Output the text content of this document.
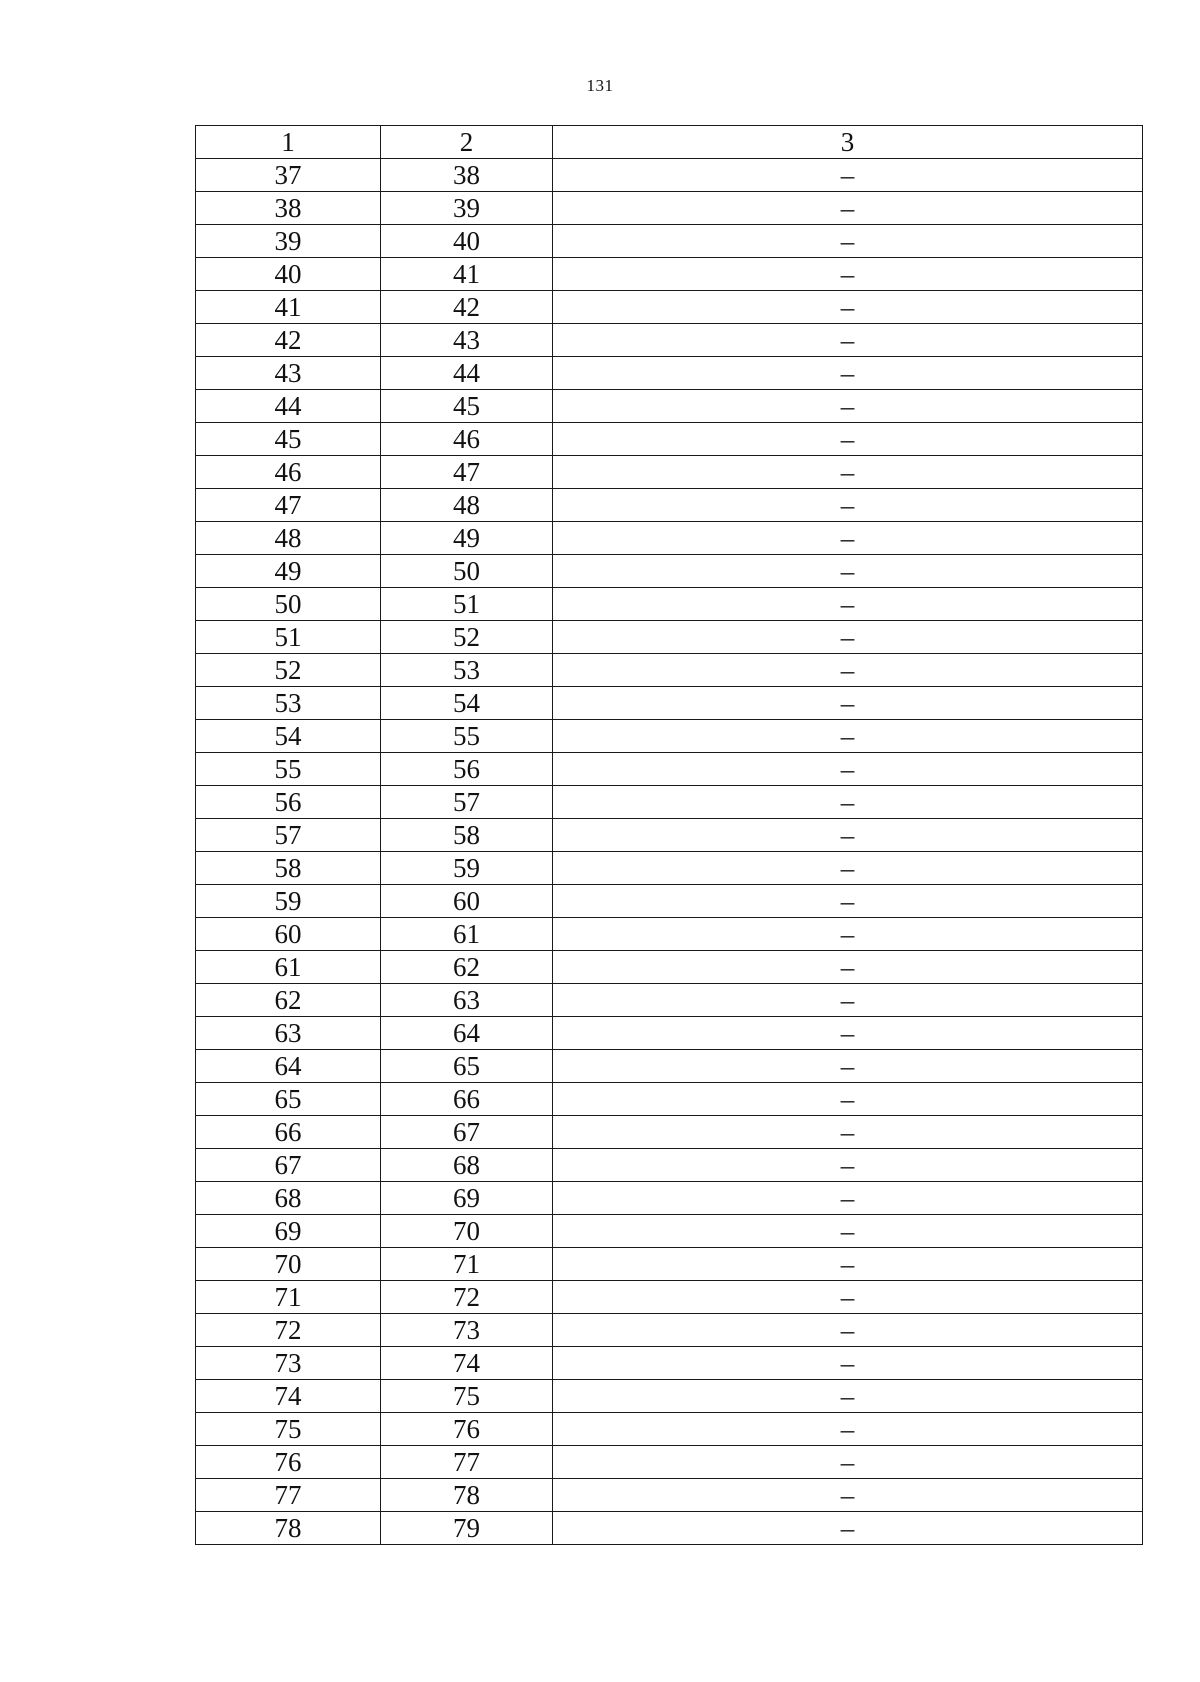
131
1	2	3
37	38	–
38	39	–
39	40	–
40	41	–
41	42	–
42	43	–
43	44	–
44	45	–
45	46	–
46	47	–
47	48	–
48	49	–
49	50	–
50	51	–
51	52	–
52	53	–
53	54	–
54	55	–
55	56	–
56	57	–
57	58	–
58	59	–
59	60	–
60	61	–
61	62	–
62	63	–
63	64	–
64	65	–
65	66	–
66	67	–
67	68	–
68	69	–
69	70	–
70	71	–
71	72	–
72	73	–
73	74	–
74	75	–
75	76	–
76	77	–
77	78	–
78	79	–
